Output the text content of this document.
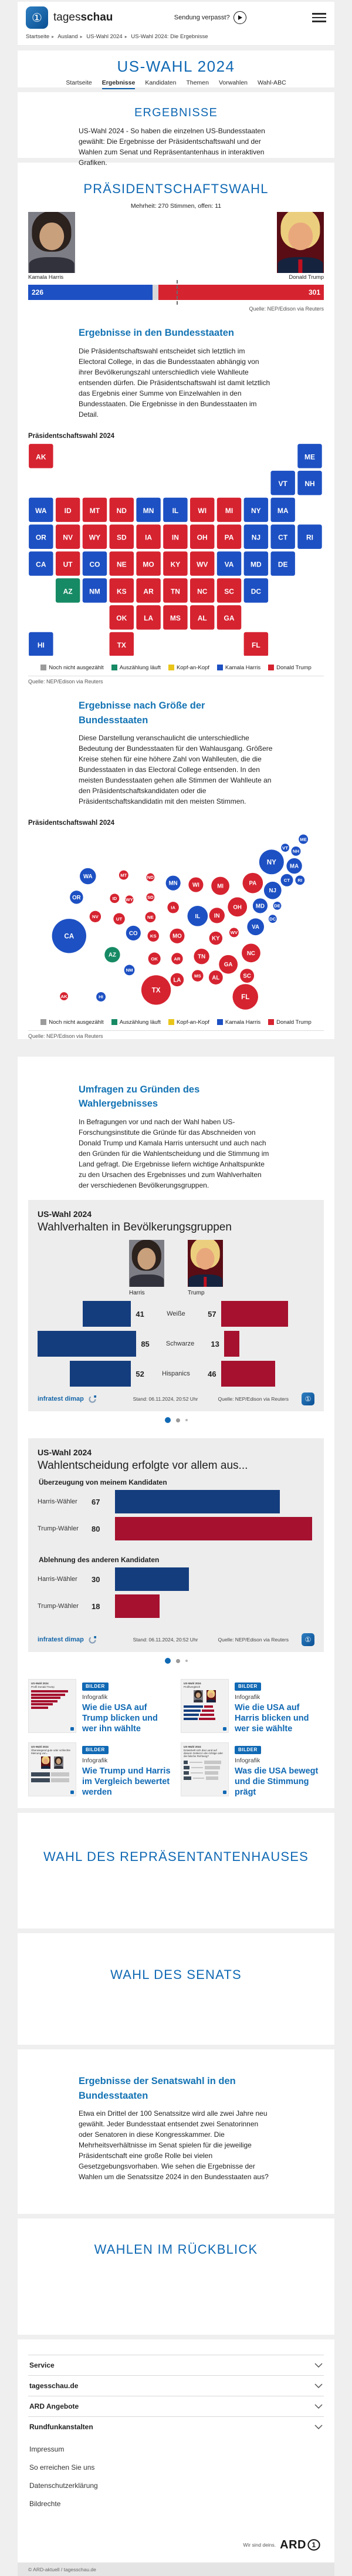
①	tagesschau	Sendung verpasst?
Startseite ▸ Ausland ▸ US-Wahl 2024 ▸ US-Wahl 2024: Die Ergebnisse
US-WAHL 2024
Startseite Ergebnisse Kandidaten Themen Vorwahlen Wahl-ABC
ERGEBNISSE
US-Wahl 2024 - So haben die einzelnen US-Bundesstaaten gewählt: Die Ergebnisse der Präsidentschaftswahl und der Wahlen zum Senat und Repräsentantenhaus in interaktiven Grafiken.
PRÄSIDENTSCHAFTSWAHL
Mehrheit: 270 Stimmen, offen: 11
Kamala Harris	Donald Trump
226	301
Quelle: NEP/Edison via Reuters
Ergebnisse in den Bundesstaaten
Die Präsidentschaftswahl entscheidet sich letztlich im Electoral College, in das die Bundesstaaten abhängig von ihrer Bevölkerungszahl unterschiedlich viele Wahlleute entsenden dürfen. Die Präsidentschaftswahl ist damit letztlich das Ergebnis einer Summe von Einzelwahlen in den Bundesstaaten. Die Ergebnisse in den Bundesstaaten im Detail.
Präsidentschaftswahl 2024
AK	ME
VT	NH
WA	ID	MT	ND	MN	IL	WI	MI	NY	MA
OR	NV	WY	SD	IA	IN	OH	PA	NJ	CT	RI
CA	UT	CO	NE	MO	KY	WV	VA	MD	DE
AZ	NM	KS	AR	TN	NC	SC	DC
OK	LA	MS	AL	GA
HI	TX	FL
Noch nicht ausgezählt	Auszählung läuft	Kopf-an-Kopf	Kamala Harris	Donald Trump
Quelle: NEP/Edison via Reuters
Ergebnisse nach Größe der Bundesstaaten
Diese Darstellung veranschaulicht die unterschiedliche Bedeutung der Bundesstaaten für den Wahlausgang. Größere Kreise stehen für eine höhere Zahl von Wahlleuten, die die Bundesstaaten in das Electoral College entsenden. In den meisten Bundesstaaten gehen alle Stimmen der Wahlleute an den Präsidentschaftskandidaten oder die Präsidentschaftskandidatin mit den meisten Stimmen.
Präsidentschaftswahl 2024
CA
TX
FL
NY
IL
PA
OH
NC
GA
MI
NJ
VA
WA
MA
IN
AZ	TN
MN	WI
CO	MO
MD
SC
AL
OR
KY
LA
CT
OK
NV
IA
UT
KS
AR
MS
NE
NM
ME
NH
ID
MT
RI
WV
HI
AK
VT
ND
WY	SD
DE
DC
Noch nicht ausgezählt	Auszählung läuft	Kopf-an-Kopf	Kamala Harris	Donald Trump
Quelle: NEP/Edison via Reuters
Umfragen zu Gründen des Wahlergebnisses
In Befragungen vor und nach der Wahl haben US-Forschungsinstitute die Gründe für das Abschneiden von Donald Trump und Kamala Harris untersucht und auch nach den Gründen für die Wahlentscheidung und die Stimmung im Land gefragt. Die Ergebnisse liefern wichtige Anhaltspunkte zu den Ursachen des Ergebnisses und zum Wahlverhalten der verschiedenen Bevölkerungsgruppen.
US-Wahl 2024
Wahlverhalten in Bevölkerungsgruppen
Harris	Trump
41	Weiße	57
85	Schwarze	13
52	Hispanics	46
infratest dimap	Stand: 06.11.2024, 20:52 Uhr	Quelle: NEP/Edison via Reuters	①
US-Wahl 2024
Wahlentscheidung erfolgte vor allem aus...
Überzeugung von meinem Kandidaten
Harris-Wähler	67
Trump-Wähler	80
Ablehnung des anderen Kandidaten
Harris-Wähler	30
Trump-Wähler	18
infratest dimap	Stand: 06.11.2024, 20:52 Uhr	Quelle: NEP/Edison via Reuters	①
US-Wahl 2024
Profil Donald Trump	BILDER
Infografik
Wie die USA auf Trump blicken und wer ihn wählte
US-Wahl 2024
Profilvergleich	BILDER
Infografik
Wie die USA auf Harris blicken und wer sie wählte
US-Wahl 2024
Überwiegend gute oder schlechte Meinung von...
BILDER
Infografik
Wie Trump und Harris im Vergleich bewertet werden
US-Wahl 2024
Entwickelt sich das Land auf diesem Gebiet in die richtige oder die falsche Richtung?
BILDER
Infografik
Was die USA bewegt und die Stimmung prägt
WAHL DES REPRÄSENTANTENHAUSES
WAHL DES SENATS
Ergebnisse der Senatswahl in den Bundesstaaten
Etwa ein Drittel der 100 Senatssitze wird alle zwei Jahre neu gewählt. Jeder Bundesstaat entsendet zwei Senatorinnen oder Senatoren in diese Kongresskammer. Die Mehrheitsverhältnisse im Senat spielen für die jeweilige Präsidentschaft eine große Rolle bei vielen Gesetzgebungsvorhaben. Wie sehen die Ergebnisse der Wahlen um die Senatssitze 2024 in den Bundesstaaten aus?
WAHLEN IM RÜCKBLICK
Service
tagesschau.de
ARD Angebote
Rundfunkanstalten
Impressum
So erreichen Sie uns
Datenschutzerklärung
Bildrechte
Wir sind deins. ARD 1
© ARD-aktuell / tagesschau.de
